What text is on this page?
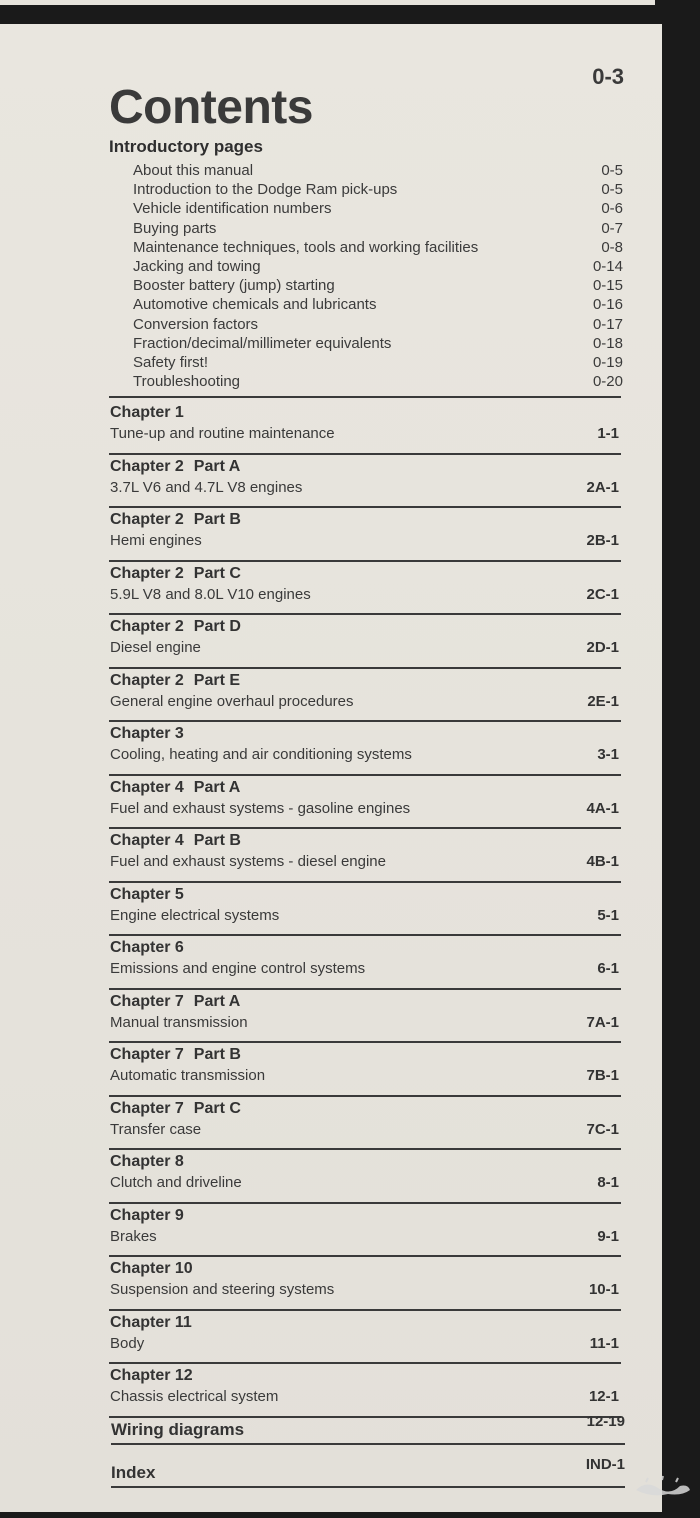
0-3
Contents
Introductory pages
About this manual	0-5
Introduction to the Dodge Ram pick-ups	0-5
Vehicle identification numbers	0-6
Buying parts	0-7
Maintenance techniques, tools and working facilities	0-8
Jacking and towing	0-14
Booster battery (jump) starting	0-15
Automotive chemicals and lubricants	0-16
Conversion factors	0-17
Fraction/decimal/millimeter equivalents	0-18
Safety first!	0-19
Troubleshooting	0-20
Chapter 1
Tune-up and routine maintenance	1-1
Chapter 2 Part A
3.7L V6 and 4.7L V8 engines	2A-1
Chapter 2 Part B
Hemi engines	2B-1
Chapter 2 Part C
5.9L V8 and 8.0L V10 engines	2C-1
Chapter 2 Part D
Diesel engine	2D-1
Chapter 2 Part E
General engine overhaul procedures	2E-1
Chapter 3
Cooling, heating and air conditioning systems	3-1
Chapter 4 Part A
Fuel and exhaust systems - gasoline engines	4A-1
Chapter 4 Part B
Fuel and exhaust systems - diesel engine	4B-1
Chapter 5
Engine electrical systems	5-1
Chapter 6
Emissions and engine control systems	6-1
Chapter 7 Part A
Manual transmission	7A-1
Chapter 7 Part B
Automatic transmission	7B-1
Chapter 7 Part C
Transfer case	7C-1
Chapter 8
Clutch and driveline	8-1
Chapter 9
Brakes	9-1
Chapter 10
Suspension and steering systems	10-1
Chapter 11
Body	11-1
Chapter 12
Chassis electrical system	12-1
Wiring diagrams	12-19
Index	IND-1
